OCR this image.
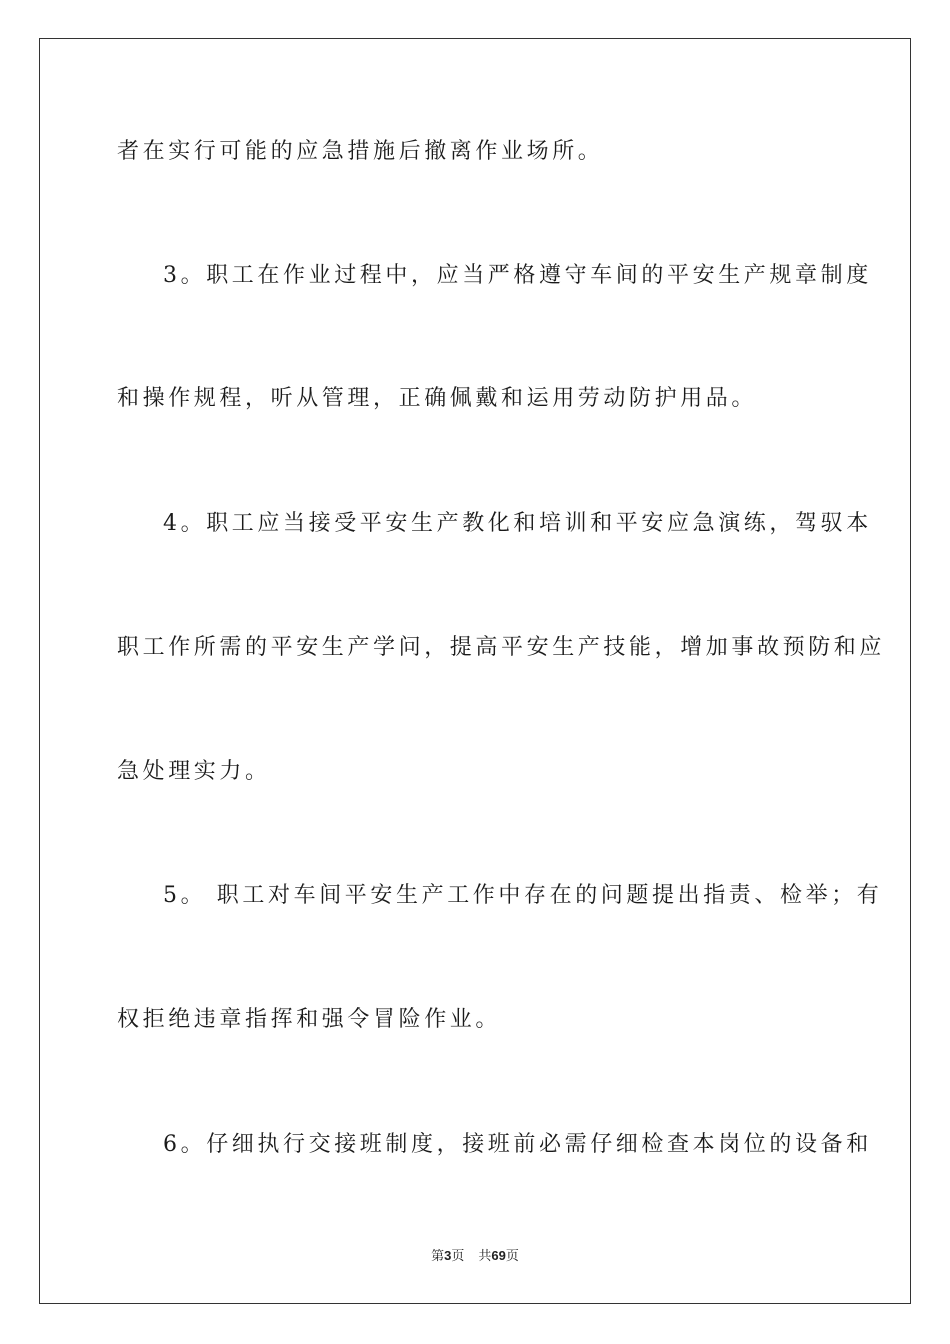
者在实行可能的应急措施后撤离作业场所。
3。职工在作业过程中，应当严格遵守车间的平安生产规章制度
和操作规程，听从管理，正确佩戴和运用劳动防护用品。
4。职工应当接受平安生产教化和培训和平安应急演练，驾驭本
职工作所需的平安生产学问，提高平安生产技能，增加事故预防和应
急处理实力。
5。 职工对车间平安生产工作中存在的问题提出指责、检举；有
权拒绝违章指挥和强令冒险作业。
6。仔细执行交接班制度，接班前必需仔细检查本岗位的设备和
第3页 共69页
